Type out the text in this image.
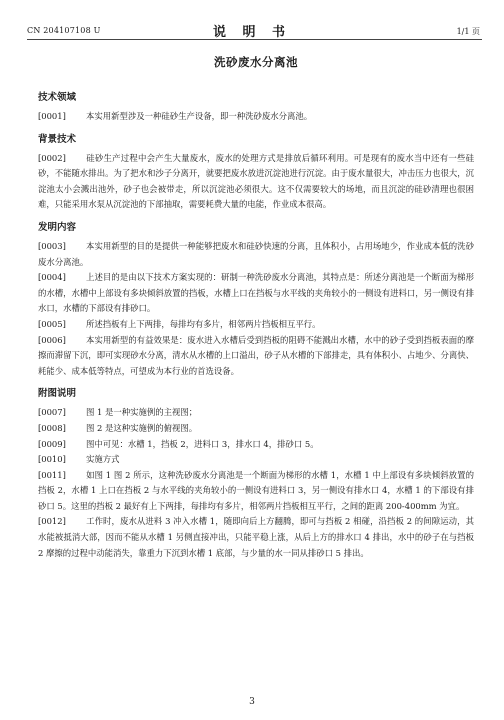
CN 204107108 U	说 明 书	1/1 页
洗砂废水分离池
技术领域

[0001] 本实用新型涉及一种硅砂生产设备，即一种洗砂废水分离池。

背景技术

[0002] 硅砂生产过程中会产生大量废水，废水的处理方式是排放后循环利用。可是现有的废水当中还有一些硅砂，不能随水排出。为了把水和沙子分离开，就要把废水放进沉淀池进行沉淀。由于废水量很大，冲击压力也很大，沉淀池太小会溅出池外，砂子也会被带走，所以沉淀池必须很大。这不仅需要较大的场地，而且沉淀的硅砂清理也很困难，只能采用水泵从沉淀池的下部抽取，需要耗费大量的电能，作业成本很高。

发明内容

[0003] 本实用新型的目的是提供一种能够把废水和硅砂快速的分离，且体积小，占用场地少，作业成本低的洗砂废水分离池。

[0004] 上述目的是由以下技术方案实现的：研制一种洗砂废水分离池，其特点是：所述分离池是一个断面为梯形的水槽，水槽中上部设有多块倾斜放置的挡板，水槽上口在挡板与水平线的夹角较小的一侧设有进料口，另一侧设有排水口，水槽的下部设有排砂口。

[0005] 所述挡板有上下两排，每排均有多片，相邻两片挡板相互平行。

[0006] 本实用新型的有益效果是：废水进入水槽后受到挡板的阻碍不能溅出水槽，水中的砂子受到挡板表面的摩擦而滞留下沉，即可实现砂水分离，清水从水槽的上口溢出，砂子从水槽的下部排走，具有体积小、占地少、分离快、耗能少、成本低等特点，可望成为本行业的首选设备。

附图说明

[0007] 图 1 是一种实施例的主视图；

[0008] 图 2 是这种实施例的俯视图。

[0009] 图中可见：水槽 1，挡板 2，进料口 3，排水口 4，排砂口 5。

[0010] 实施方式

[0011] 如图 1 图 2 所示，这种洗砂废水分离池是一个断面为梯形的水槽 1，水槽 1 中上部设有多块倾斜放置的挡板 2，水槽 1 上口在挡板 2 与水平线的夹角较小的一侧设有进料口 3，另一侧设有排水口 4，水槽 1 的下部设有排砂口 5。这里的挡板 2 最好有上下两排，每排均有多片，相邻两片挡板相互平行，之间的距离 200-400mm 为宜。

[0012] 工作时，废水从进料 3 冲入水槽 1，随即向后上方翻腾，即可与挡板 2 相碰，沿挡板 2 的间隙运动，其水能被抵消大部，因而不能从水槽 1 另侧直接冲出，只能平稳上涨，从后上方的排水口 4 排出，水中的砂子在与挡板 2 摩擦的过程中动能消失，靠重力下沉到水槽 1 底部，与少量的水一同从排砂口 5 排出。

3
